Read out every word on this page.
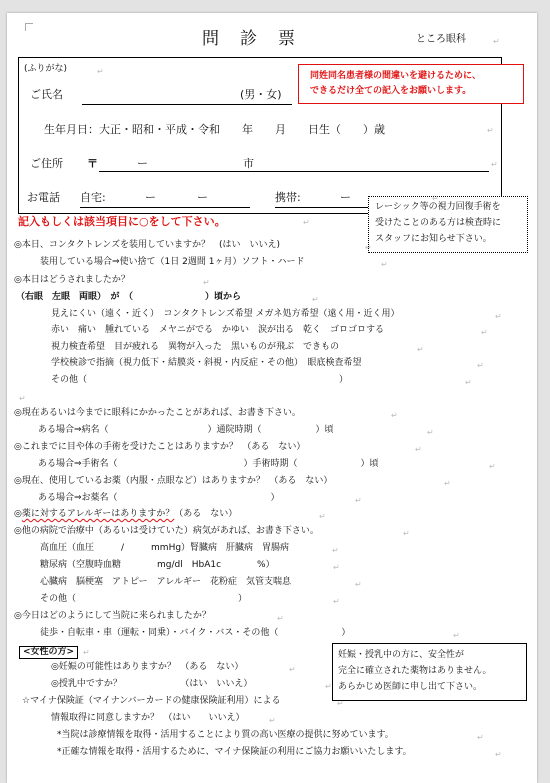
問　診　票	ところ眼科
(ふりがな)
ご氏名	(男・女)
生年月日：大正・昭和・平成・令和　　年　　月　　日生（　　）歳
ご住所 〒	ー	市
お電話 自宅:	ー	ー	携帯:	ー
同姓同名患者様の間違いを避けるために、
できるだけ全ての記入をお願いします。
レーシック等の視力回復手術を
受けたことのある方は検査時に
スタッフにお知らせ下さい。
記入もしくは該当項目に○をして下さい。
◎本日、コンタクトレンズを装用していますか？　(はい　いいえ)
装用している場合⇒使い捨て（1日 2週間 1ヶ月）ソフト・ハード
◎本日はどうされましたか？
（右眼　左眼　両眼）　が　（　　　　　　　　）頃から
見えにくい（遠く・近く）　コンタクトレンズ希望 メガネ処方希望（遠く用・近く用）
赤い　痛い　腫れている　メヤニがでる　かゆい　涙が出る　乾く　ゴロゴロする
視力検査希望　目が疲れる　異物が入った　黒いものが飛ぶ　できもの
学校検診で指摘（視力低下・結膜炎・斜視・内反症・その他）　眼底検査希望
その他（　　　　　　　　　　　　　　　　　　　　　　　　　　　　）
◎現在あるいは今までに眼科にかかったことがあれば、お書き下さい。
ある場合⇒病名（　　　　　　　　　　　）通院時期（　　　　　　）頃
◎これまでに目や体の手術を受けたことはありますか？　（ある　ない）
ある場合⇒手術名（　　　　　　　　　　　　　　）手術時期（　　　　　　　）頃
◎現在、使用しているお薬（内服・点眼など）はありますか？　（ある　ない）
ある場合⇒お薬名（　　　　　　　　　　　　　　　　　）
◎薬に対するアレルギーはありますか？（ある　ない）
◎他の病院で治療中（あるいは受けていた）病気があれば、お書き下さい。
高血圧（血圧　　　/　　　mmHg）腎臓病　肝臓病　胃腸病
糖尿病（空腹時血糖　　　　mg/dl　HbA1c　　　　%）
心臓病　脳梗塞　アトピー　アレルギー　花粉症　気管支喘息
その他（　　　　　　　　　　　　　　　　　　）
◎今日はどのようにして当院に来られましたか？
徒歩・自転車・車（運転・同乗）・バイク・バス・その他（　　　　　　　）
<女性の方>
◎妊娠の可能性はありますか？　（ある　ない）
◎授乳中ですか？　　　　　　　（はい　いいえ）
妊娠・授乳中の方に、安全性が
完全に確立された薬物はありません。
あらかじめ医師に申し出て下さい。
☆マイナ保険証（マイナンバーカードの健康保険証利用）による
情報取得に同意しますか？　（はい　　いいえ）
*当院は診療情報を取得・活用することにより質の高い医療の提供に努めています。
*正確な情報を取得・活用するために、マイナ保険証の利用にご協力お願いいたします。
↵
↵
↵
↵
↵
↵
↵
↵
↵
↵
↵
↵
↵
↵
↵
↵
↵
↵
↵
↵
↵
↵
↵
↵
↵
↵
↵
↵
↵
↵
↵
↵
↵
↵
↵
↵
↵
